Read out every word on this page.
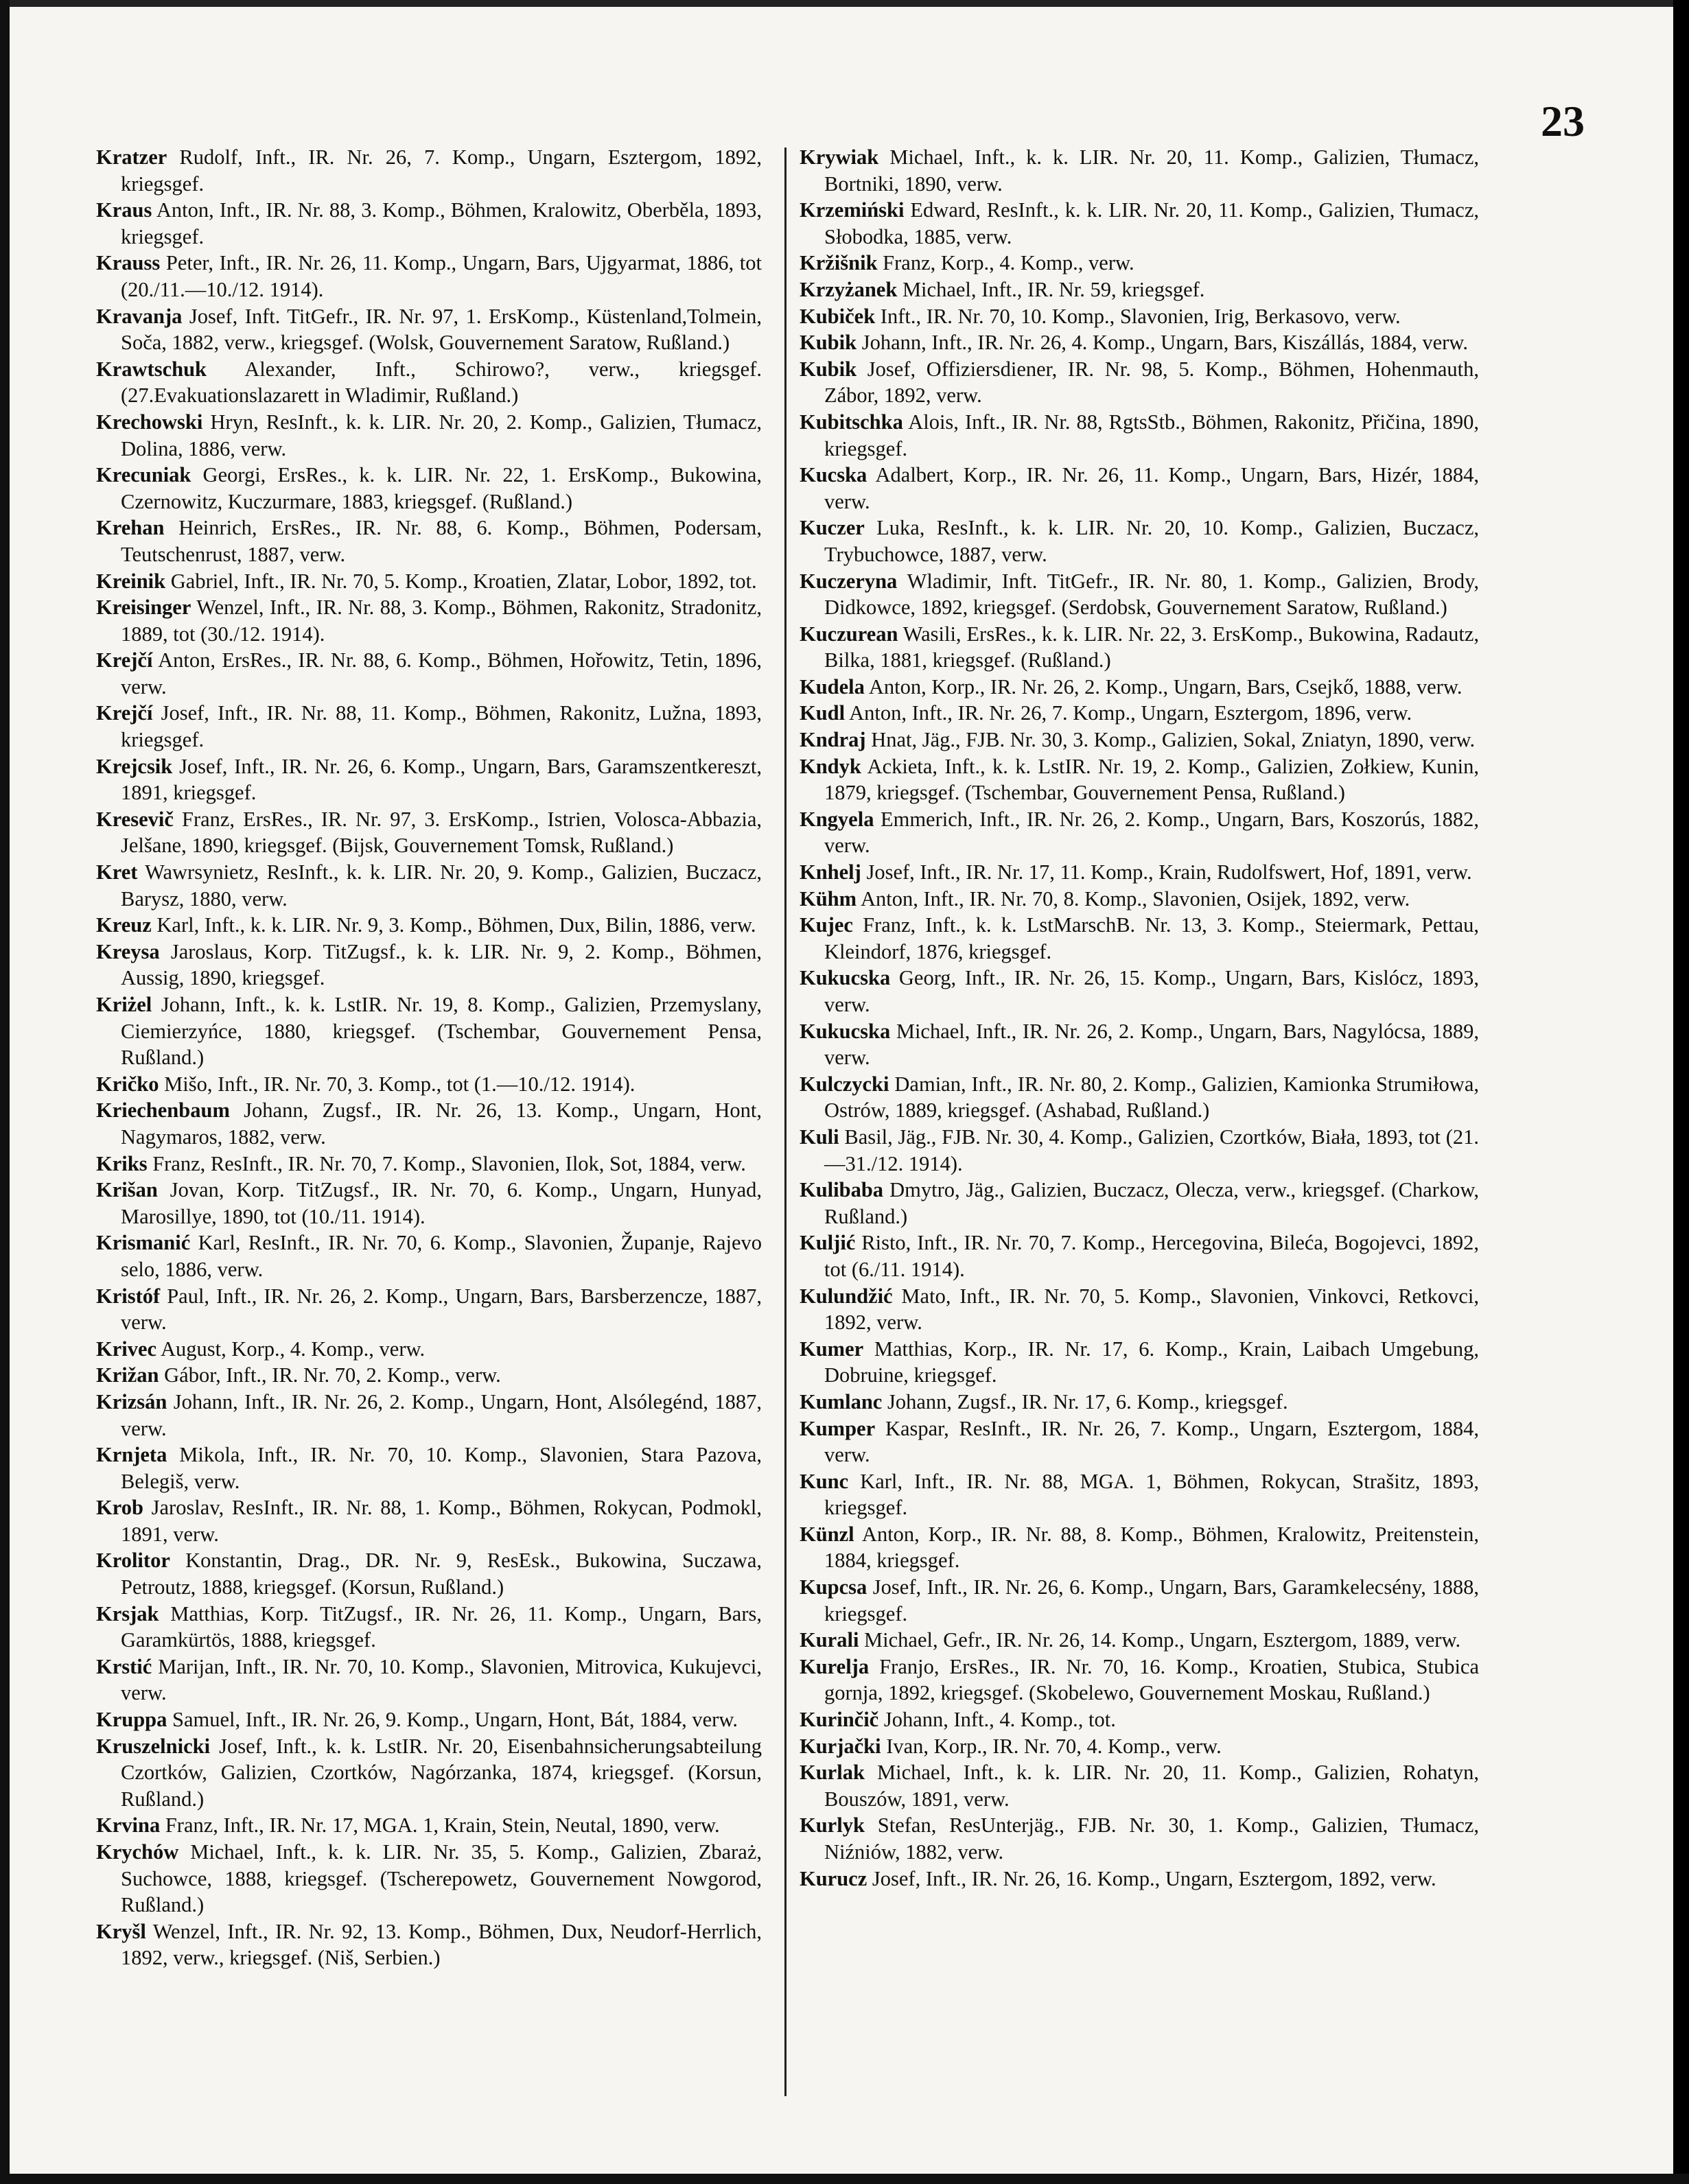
23

Kratzer Rudolf, Inft., IR. Nr. 26, 7. Komp., Ungarn, Esztergom, 1892, kriegsgef.

Kraus Anton, Inft., IR. Nr. 88, 3. Komp., Böhmen, Kralowitz, Oberběla, 1893, kriegsgef.

Krauss Peter, Inft., IR. Nr. 26, 11. Komp., Ungarn, Bars, Ujgyarmat, 1886, tot (20./11.—10./12. 1914).

Kravanja Josef, Inft. TitGefr., IR. Nr. 97, 1. ErsKomp., Küstenland,Tolmein, Soča, 1882, verw., kriegsgef. (Wolsk, Gouvernement Saratow, Rußland.)

Krawtschuk Alexander, Inft., Schirowo?, verw., kriegsgef.(27.Evakuationslazarett in Wladimir, Rußland.)

Krechowski Hryn, ResInft., k. k. LIR. Nr. 20, 2. Komp., Galizien, Tłumacz, Dolina, 1886, verw.

Krecuniak Georgi, ErsRes., k. k. LIR. Nr. 22, 1. ErsKomp., Bukowina, Czernowitz, Kuczurmare, 1883, kriegsgef. (Rußland.)

Krehan Heinrich, ErsRes., IR. Nr. 88, 6. Komp., Böhmen, Podersam, Teutschenrust, 1887, verw.

Kreinik Gabriel, Inft., IR. Nr. 70, 5. Komp., Kroatien, Zlatar, Lobor, 1892, tot.

Kreisinger Wenzel, Inft., IR. Nr. 88, 3. Komp., Böhmen, Rakonitz, Stradonitz, 1889, tot (30./12. 1914).

Krejčí Anton, ErsRes., IR. Nr. 88, 6. Komp., Böhmen, Hořowitz, Tetin, 1896, verw.

Krejčí Josef, Inft., IR. Nr. 88, 11. Komp., Böhmen, Rakonitz, Lužna, 1893, kriegsgef.

Krejcsik Josef, Inft., IR. Nr. 26, 6. Komp., Ungarn, Bars, Garamszentkereszt, 1891, kriegsgef.

Kresevič Franz, ErsRes., IR. Nr. 97, 3. ErsKomp., Istrien, Volosca-Abbazia, Jelšane, 1890, kriegsgef. (Bijsk, Gouvernement Tomsk, Rußland.)

Kret Wawrsynietz, ResInft., k. k. LIR. Nr. 20, 9. Komp., Galizien, Buczacz, Barysz, 1880, verw.

Kreuz Karl, Inft., k. k. LIR. Nr. 9, 3. Komp., Böhmen, Dux, Bilin, 1886, verw.

Kreysa Jaroslaus, Korp. TitZugsf., k. k. LIR. Nr. 9, 2. Komp., Böhmen, Aussig, 1890, kriegsgef.

Kriżel Johann, Inft., k. k. LstIR. Nr. 19, 8. Komp., Galizien, Przemyslany, Ciemierzyńce, 1880, kriegsgef. (Tschembar, Gouvernement Pensa, Rußland.)

Kričko Mišo, Inft., IR. Nr. 70, 3. Komp., tot (1.—10./12. 1914).

Kriechenbaum Johann, Zugsf., IR. Nr. 26, 13. Komp., Ungarn, Hont, Nagymaros, 1882, verw.

Kriks Franz, ResInft., IR. Nr. 70, 7. Komp., Slavonien, Ilok, Sot, 1884, verw.

Krišan Jovan, Korp. TitZugsf., IR. Nr. 70, 6. Komp., Ungarn, Hunyad, Marosillye, 1890, tot (10./11. 1914).

Krismanić Karl, ResInft., IR. Nr. 70, 6. Komp., Slavonien, Županje, Rajevo selo, 1886, verw.

Kristóf Paul, Inft., IR. Nr. 26, 2. Komp., Ungarn, Bars, Barsberzencze, 1887, verw.

Krivec August, Korp., 4. Komp., verw.

Križan Gábor, Inft., IR. Nr. 70, 2. Komp., verw.

Krizsán Johann, Inft., IR. Nr. 26, 2. Komp., Ungarn, Hont, Alsólegénd, 1887, verw.

Krnjeta Mikola, Inft., IR. Nr. 70, 10. Komp., Slavonien, Stara Pazova, Belegiš, verw.

Krob Jaroslav, ResInft., IR. Nr. 88, 1. Komp., Böhmen, Rokycan, Podmokl, 1891, verw.

Krolitor Konstantin, Drag., DR. Nr. 9, ResEsk., Bukowina, Suczawa, Petroutz, 1888, kriegsgef. (Korsun, Rußland.)

Krsjak Matthias, Korp. TitZugsf., IR. Nr. 26, 11. Komp., Ungarn, Bars, Garamkürtös, 1888, kriegsgef.

Krstić Marijan, Inft., IR. Nr. 70, 10. Komp., Slavonien, Mitrovica, Kukujevci, verw.

Kruppa Samuel, Inft., IR. Nr. 26, 9. Komp., Ungarn, Hont, Bát, 1884, verw.

Kruszelnicki Josef, Inft., k. k. LstIR. Nr. 20, Eisenbahnsicherungsabteilung Czortków, Galizien, Czortków, Nagórzanka, 1874, kriegsgef. (Korsun, Rußland.)

Krvina Franz, Inft., IR. Nr. 17, MGA. 1, Krain, Stein, Neutal, 1890, verw.

Krychów Michael, Inft., k. k. LIR. Nr. 35, 5. Komp., Galizien, Zbaraż, Suchowce, 1888, kriegsgef. (Tscherepowetz, Gouvernement Nowgorod, Rußland.)

Kryšl Wenzel, Inft., IR. Nr. 92, 13. Komp., Böhmen, Dux, Neudorf-Herrlich, 1892, verw., kriegsgef. (Niš, Serbien.)

Krywiak Michael, Inft., k. k. LIR. Nr. 20, 11. Komp., Galizien, Tłumacz, Bortniki, 1890, verw.

Krzemiński Edward, ResInft., k. k. LIR. Nr. 20, 11. Komp., Galizien, Tłumacz, Słobodka, 1885, verw.

Kržišnik Franz, Korp., 4. Komp., verw.

Krzyżanek Michael, Inft., IR. Nr. 59, kriegsgef.

Kubiček Inft., IR. Nr. 70, 10. Komp., Slavonien, Irig, Berkasovo, verw.

Kubik Johann, Inft., IR. Nr. 26, 4. Komp., Ungarn, Bars, Kiszállás, 1884, verw.

Kubik Josef, Offiziersdiener, IR. Nr. 98, 5. Komp., Böhmen, Hohenmauth, Zábor, 1892, verw.

Kubitschka Alois, Inft., IR. Nr. 88, RgtsStb., Böhmen, Rakonitz, Přičina, 1890, kriegsgef.

Kucska Adalbert, Korp., IR. Nr. 26, 11. Komp., Ungarn, Bars, Hizér, 1884, verw.

Kuczer Luka, ResInft., k. k. LIR. Nr. 20, 10. Komp., Galizien, Buczacz, Trybuchowce, 1887, verw.

Kuczeryna Wladimir, Inft. TitGefr., IR. Nr. 80, 1. Komp., Galizien, Brody, Didkowce, 1892, kriegsgef. (Serdobsk, Gouvernement Saratow, Rußland.)

Kuczurean Wasili, ErsRes., k. k. LIR. Nr. 22, 3. ErsKomp., Bukowina, Radautz, Bilka, 1881, kriegsgef. (Rußland.)

Kudela Anton, Korp., IR. Nr. 26, 2. Komp., Ungarn, Bars, Csejkő, 1888, verw.

Kudl Anton, Inft., IR. Nr. 26, 7. Komp., Ungarn, Esztergom, 1896, verw.

Kndraj Hnat, Jäg., FJB. Nr. 30, 3. Komp., Galizien, Sokal, Zniatyn, 1890, verw.

Kndyk Ackieta, Inft., k. k. LstIR. Nr. 19, 2. Komp., Galizien, Zołkiew, Kunin, 1879, kriegsgef. (Tschembar, Gouvernement Pensa, Rußland.)

Kngyela Emmerich, Inft., IR. Nr. 26, 2. Komp., Ungarn, Bars, Koszorús, 1882, verw.

Knhelj Josef, Inft., IR. Nr. 17, 11. Komp., Krain, Rudolfswert, Hof, 1891, verw.

Kühm Anton, Inft., IR. Nr. 70, 8. Komp., Slavonien, Osijek, 1892, verw.

Kujec Franz, Inft., k. k. LstMarschB. Nr. 13, 3. Komp., Steiermark, Pettau, Kleindorf, 1876, kriegsgef.

Kukucska Georg, Inft., IR. Nr. 26, 15. Komp., Ungarn, Bars, Kislócz, 1893, verw.

Kukucska Michael, Inft., IR. Nr. 26, 2. Komp., Ungarn, Bars, Nagylócsa, 1889, verw.

Kulczycki Damian, Inft., IR. Nr. 80, 2. Komp., Galizien, Kamionka Strumiłowa, Ostrów, 1889, kriegsgef. (Ashabad, Rußland.)

Kuli Basil, Jäg., FJB. Nr. 30, 4. Komp., Galizien, Czortków, Biała, 1893, tot (21.—31./12. 1914).

Kulibaba Dmytro, Jäg., Galizien, Buczacz, Olecza, verw., kriegsgef. (Charkow, Rußland.)

Kuljić Risto, Inft., IR. Nr. 70, 7. Komp., Hercegovina, Bileća, Bogojevci, 1892, tot (6./11. 1914).

Kulundžić Mato, Inft., IR. Nr. 70, 5. Komp., Slavonien, Vinkovci, Retkovci, 1892, verw.

Kumer Matthias, Korp., IR. Nr. 17, 6. Komp., Krain, Laibach Umgebung, Dobruine, kriegsgef.

Kumlanc Johann, Zugsf., IR. Nr. 17, 6. Komp., kriegsgef.

Kumper Kaspar, ResInft., IR. Nr. 26, 7. Komp., Ungarn, Esztergom, 1884, verw.

Kunc Karl, Inft., IR. Nr. 88, MGA. 1, Böhmen, Rokycan, Strašitz, 1893, kriegsgef.

Künzl Anton, Korp., IR. Nr. 88, 8. Komp., Böhmen, Kralowitz, Preitenstein, 1884, kriegsgef.

Kupcsa Josef, Inft., IR. Nr. 26, 6. Komp., Ungarn, Bars, Garamkelecsény, 1888, kriegsgef.

Kurali Michael, Gefr., IR. Nr. 26, 14. Komp., Ungarn, Esztergom, 1889, verw.

Kurelja Franjo, ErsRes., IR. Nr. 70, 16. Komp., Kroatien, Stubica, Stubica gornja, 1892, kriegsgef. (Skobelewo, Gouvernement Moskau, Rußland.)

Kurinčič Johann, Inft., 4. Komp., tot.

Kurjački Ivan, Korp., IR. Nr. 70, 4. Komp., verw.

Kurlak Michael, Inft., k. k. LIR. Nr. 20, 11. Komp., Galizien, Rohatyn, Bouszów, 1891, verw.

Kurlyk Stefan, ResUnterjäg., FJB. Nr. 30, 1. Komp., Galizien, Tłumacz, Niźniów, 1882, verw.

Kurucz Josef, Inft., IR. Nr. 26, 16. Komp., Ungarn, Esztergom, 1892, verw.
